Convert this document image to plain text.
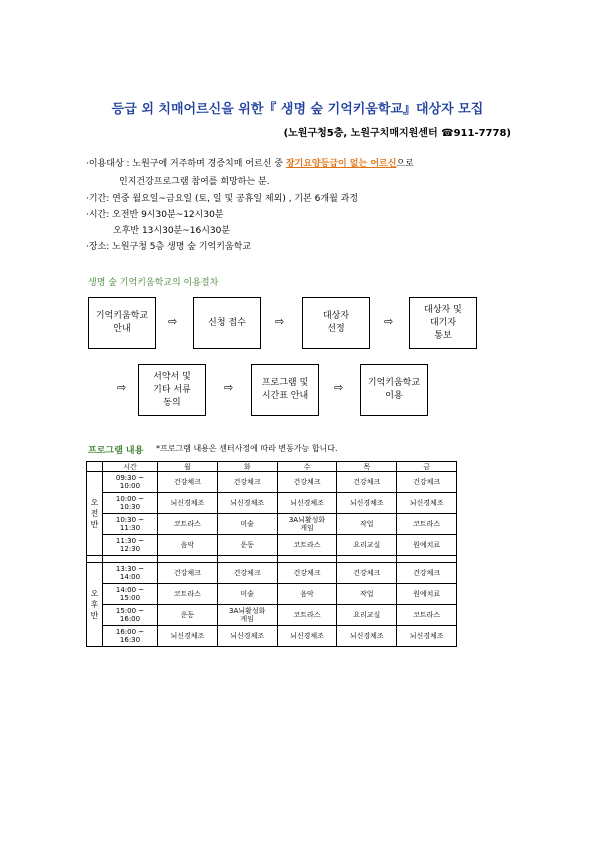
등급 외 치매어르신을 위한『 생명 숲 기억키움학교』대상자 모집
(노원구청5층, 노원구치매지원센터 ☎911-7778)
·이용대상 : 노원구에 거주하며 경증치매 어르신 중 장기요양등급이 없는 어르신으로
인지건강프로그램 참여를 희망하는 분.
·기간: 연중 월요일~금요일 (토, 일 및 공휴일 제외) , 기본 6개월 과정
·시간: 오전반 9시30분~12시30분
오후반 13시30분~16시30분
·장소: 노원구청 5층 생명 숲 기억키움학교
생명 숲 기억키움학교의 이용절차
기억키움학교
안내
⇨	신청 접수	⇨	대상자
선정
⇨
대상자 및
대기자
통보
⇨
서약서 및
기타 서류
동의
⇨	프로그램 및
시간표 안내
⇨	기억키움학교
이용
프로그램 내용 *프로그램 내용은 센터사정에 따라 변동가능 합니다.
	시간	월	화	수	목	금
오
전
반	09:30 ~
10:00	건강체크	건강체크	건강체크	건강체크	건강체크
	10:00 ~
10:30	뇌신경체조	뇌신경체조	뇌신경체조	뇌신경체조	뇌신경체조
	10:30 ~
11:30	코트라스	미술	3A뇌활성화
게임	작업	코트라스
	11:30 ~
12:30	음악	운동	코트라스	요리교실	원예치료

오
후
반	13:30 ~
14:00	건강체크	건강체크	건강체크	건강체크	건강체크
	14:00 ~
15:00	코트라스	미술	음악	작업	원예치료
	15:00 ~
16:00	운동	3A뇌활성화
게임	코트라스	요리교실	코트라스
	16:00 ~
16:30	뇌신경체조	뇌신경체조	뇌신경체조	뇌신경체조	뇌신경체조
